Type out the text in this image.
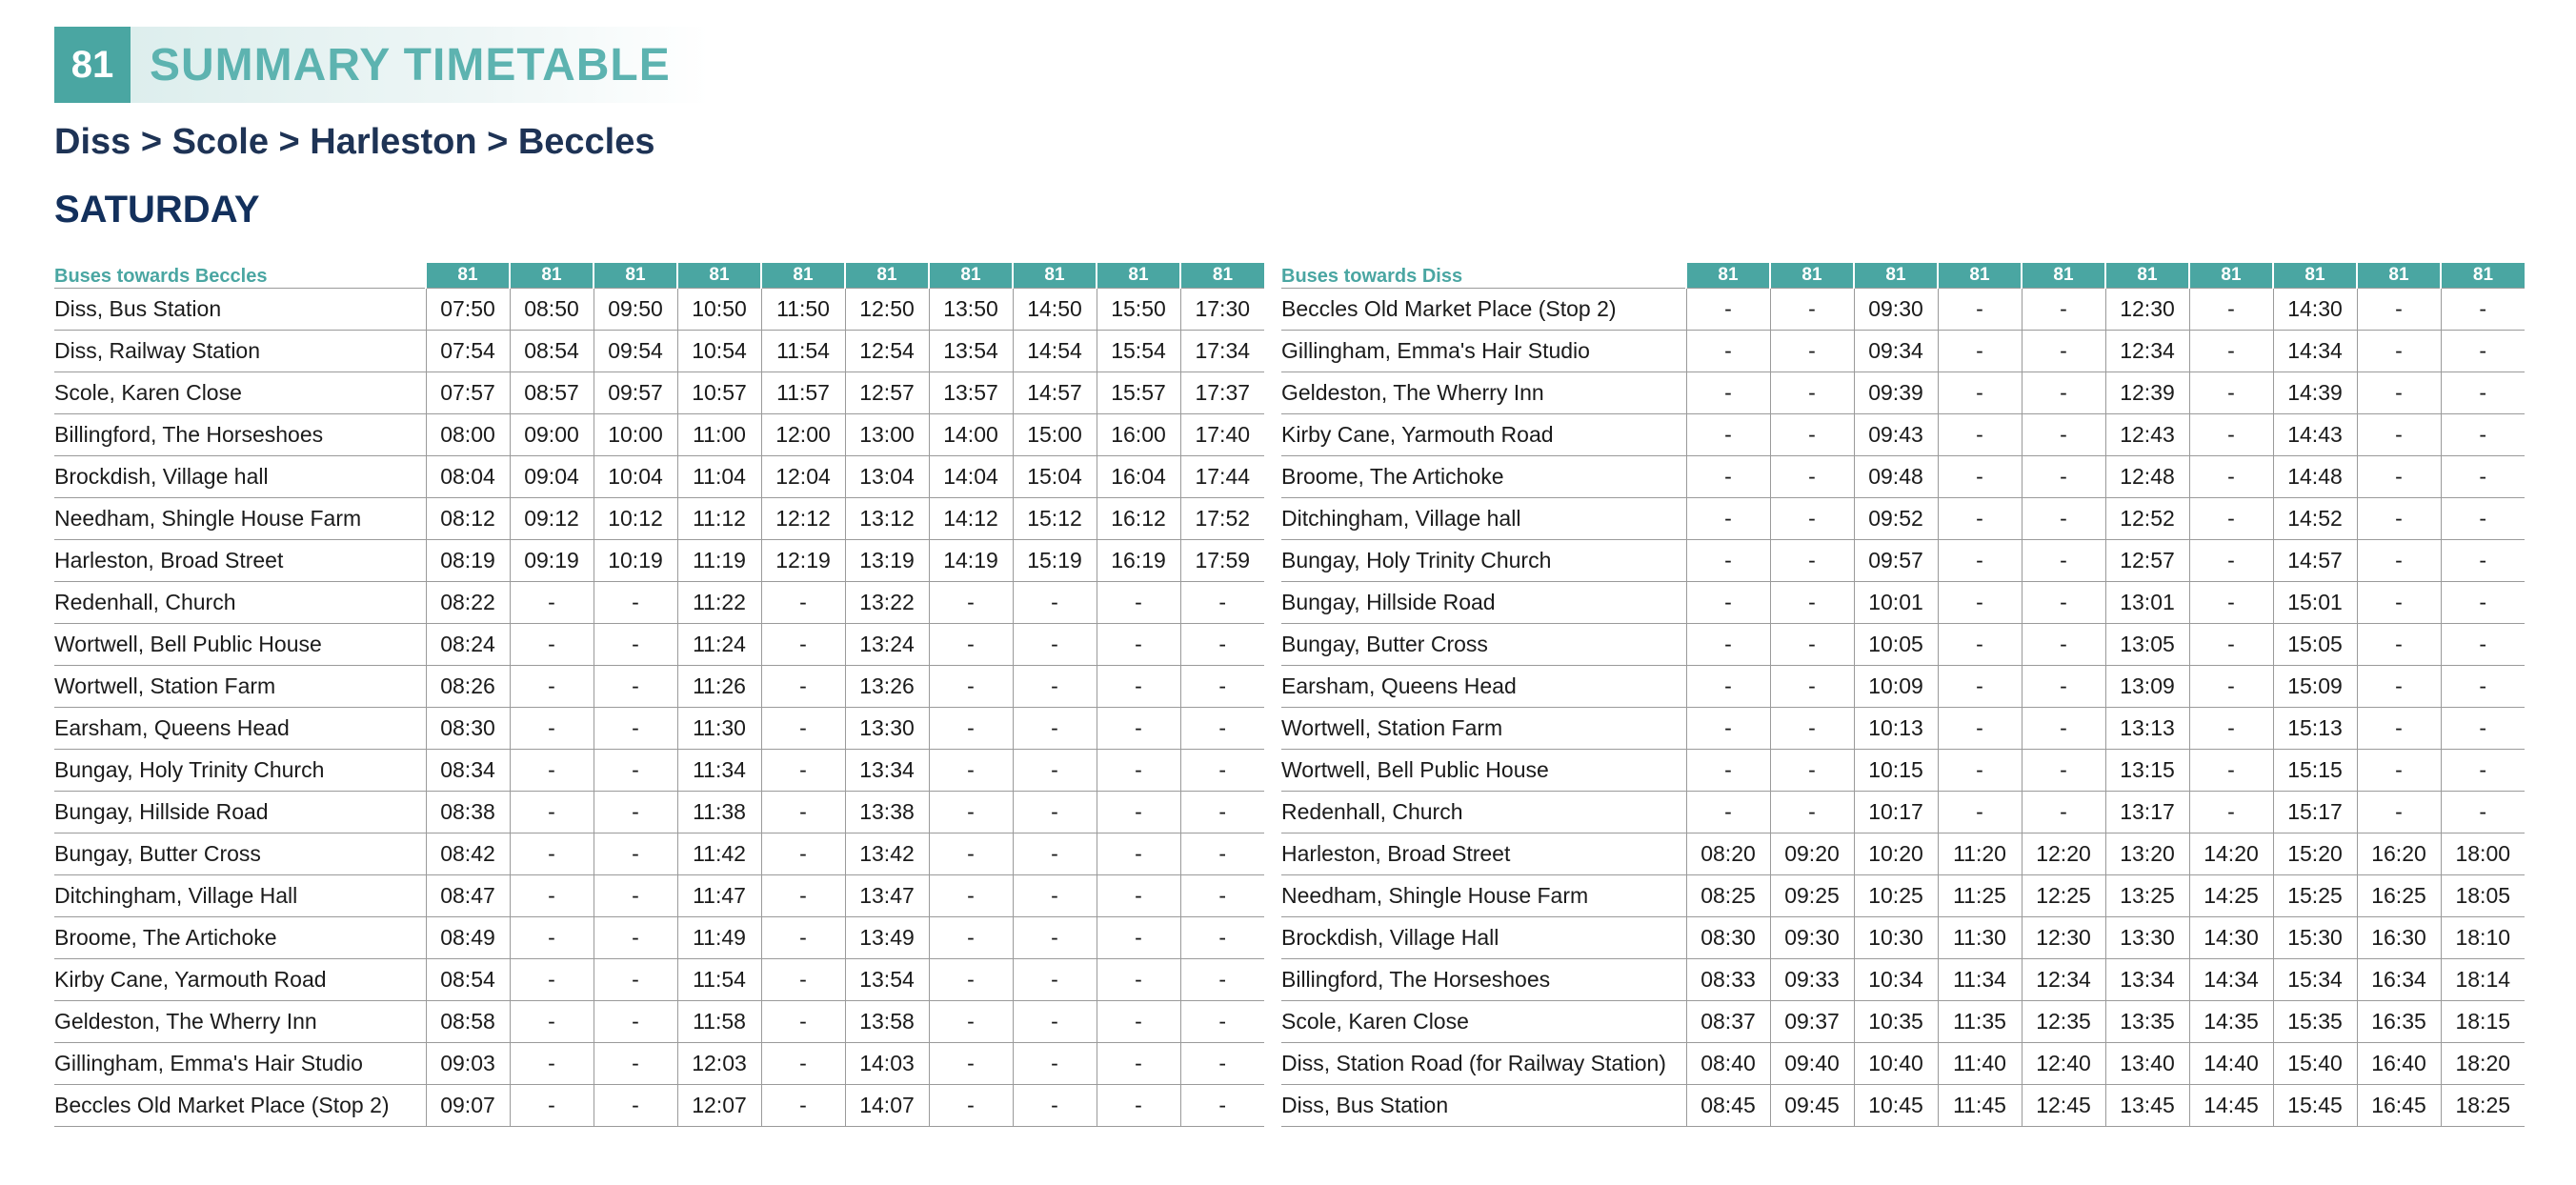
81 SUMMARY TIMETABLE
Diss > Scole > Harleston > Beccles
SATURDAY
Buses towards Beccles	81	81	81	81	81	81	81	81	81	81
Diss, Bus Station	07:50	08:50	09:50	10:50	11:50	12:50	13:50	14:50	15:50	17:30
Diss, Railway Station	07:54	08:54	09:54	10:54	11:54	12:54	13:54	14:54	15:54	17:34
Scole, Karen Close	07:57	08:57	09:57	10:57	11:57	12:57	13:57	14:57	15:57	17:37
Billingford, The Horseshoes	08:00	09:00	10:00	11:00	12:00	13:00	14:00	15:00	16:00	17:40
Brockdish, Village hall	08:04	09:04	10:04	11:04	12:04	13:04	14:04	15:04	16:04	17:44
Needham, Shingle House Farm	08:12	09:12	10:12	11:12	12:12	13:12	14:12	15:12	16:12	17:52
Harleston, Broad Street	08:19	09:19	10:19	11:19	12:19	13:19	14:19	15:19	16:19	17:59
Redenhall, Church	08:22	-	-	11:22	-	13:22	-	-	-	-
Wortwell, Bell Public House	08:24	-	-	11:24	-	13:24	-	-	-	-
Wortwell, Station Farm	08:26	-	-	11:26	-	13:26	-	-	-	-
Earsham, Queens Head	08:30	-	-	11:30	-	13:30	-	-	-	-
Bungay, Holy Trinity Church	08:34	-	-	11:34	-	13:34	-	-	-	-
Bungay, Hillside Road	08:38	-	-	11:38	-	13:38	-	-	-	-
Bungay, Butter Cross	08:42	-	-	11:42	-	13:42	-	-	-	-
Ditchingham, Village Hall	08:47	-	-	11:47	-	13:47	-	-	-	-
Broome, The Artichoke	08:49	-	-	11:49	-	13:49	-	-	-	-
Kirby Cane, Yarmouth Road	08:54	-	-	11:54	-	13:54	-	-	-	-
Geldeston, The Wherry Inn	08:58	-	-	11:58	-	13:58	-	-	-	-
Gillingham, Emma's Hair Studio	09:03	-	-	12:03	-	14:03	-	-	-	-
Beccles Old Market Place (Stop 2)	09:07	-	-	12:07	-	14:07	-	-	-	-
Buses towards Diss	81	81	81	81	81	81	81	81	81	81
Beccles Old Market Place (Stop 2)	-	-	09:30	-	-	12:30	-	14:30	-	-
Gillingham, Emma's Hair Studio	-	-	09:34	-	-	12:34	-	14:34	-	-
Geldeston, The Wherry Inn	-	-	09:39	-	-	12:39	-	14:39	-	-
Kirby Cane, Yarmouth Road	-	-	09:43	-	-	12:43	-	14:43	-	-
Broome, The Artichoke	-	-	09:48	-	-	12:48	-	14:48	-	-
Ditchingham, Village hall	-	-	09:52	-	-	12:52	-	14:52	-	-
Bungay, Holy Trinity Church	-	-	09:57	-	-	12:57	-	14:57	-	-
Bungay, Hillside Road	-	-	10:01	-	-	13:01	-	15:01	-	-
Bungay, Butter Cross	-	-	10:05	-	-	13:05	-	15:05	-	-
Earsham, Queens Head	-	-	10:09	-	-	13:09	-	15:09	-	-
Wortwell, Station Farm	-	-	10:13	-	-	13:13	-	15:13	-	-
Wortwell, Bell Public House	-	-	10:15	-	-	13:15	-	15:15	-	-
Redenhall, Church	-	-	10:17	-	-	13:17	-	15:17	-	-
Harleston, Broad Street	08:20	09:20	10:20	11:20	12:20	13:20	14:20	15:20	16:20	18:00
Needham, Shingle House Farm	08:25	09:25	10:25	11:25	12:25	13:25	14:25	15:25	16:25	18:05
Brockdish, Village Hall	08:30	09:30	10:30	11:30	12:30	13:30	14:30	15:30	16:30	18:10
Billingford, The Horseshoes	08:33	09:33	10:34	11:34	12:34	13:34	14:34	15:34	16:34	18:14
Scole, Karen Close	08:37	09:37	10:35	11:35	12:35	13:35	14:35	15:35	16:35	18:15
Diss, Station Road (for Railway Station)	08:40	09:40	10:40	11:40	12:40	13:40	14:40	15:40	16:40	18:20
Diss, Bus Station	08:45	09:45	10:45	11:45	12:45	13:45	14:45	15:45	16:45	18:25
